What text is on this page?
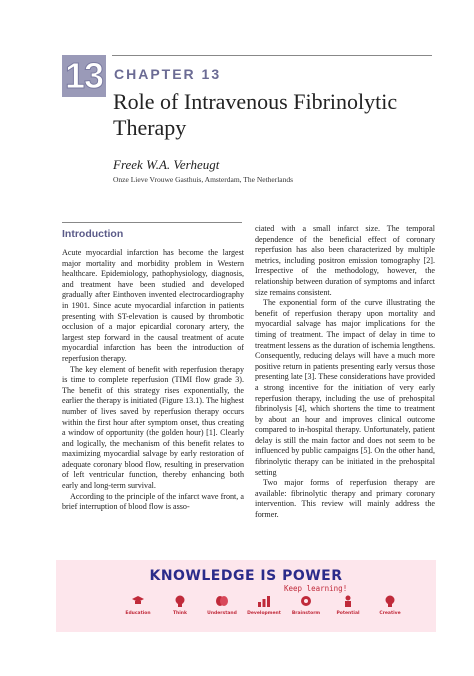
13 CHAPTER 13
Role of Intravenous Fibrinolytic Therapy
Freek W.A. Verheugt
Onze Lieve Vrouwe Gasthuis, Amsterdam, The Netherlands
Introduction

Acute myocardial infarction has become the largest major mortality and morbidity problem in Western healthcare. Epidemiology, pathophysiology, diagnosis, and treatment have been studied and developed gradually after Einthoven invented electrocardiography in 1901. Since acute myocardial infarction in patients presenting with ST-elevation is caused by thrombotic occlusion of a major epicardial coronary artery, the largest step forward in the causal treatment of acute myocardial infarction has been the introduction of reperfusion therapy.

The key element of benefit with reperfusion therapy is time to complete reperfusion (TIMI flow grade 3). The benefit of this strategy rises exponentially, the earlier the therapy is initiated (Figure 13.1). The highest number of lives saved by reperfusion therapy occurs within the first hour after symptom onset, thus creating a window of opportunity (the golden hour) [1]. Clearly and logically, the mechanism of this benefit relates to maximizing myocardial salvage by early restoration of adequate coronary blood flow, resulting in preservation of left ventricular function, thereby enhancing both early and long-term survival.

According to the principle of the infarct wave front, a brief interruption of blood flow is asso-

ciated with a small infarct size. The temporal dependence of the beneficial effect of coronary reperfusion has also been characterized by multiple metrics, including positron emission tomography [2]. Irrespective of the methodology, however, the relationship between duration of symptoms and infarct size remains consistent.

The exponential form of the curve illustrating the benefit of reperfusion therapy upon mortality and myocardial salvage has major implications for the timing of treatment. The impact of delay in time to treatment lessens as the duration of ischemia lengthens. Consequently, reducing delays will have a much more positive return in patients presenting early versus those presenting late [3]. These considerations have provided a strong incentive for the initiation of very early reperfusion therapy, including the use of prehospital fibrinolysis [4], which shortens the time to treatment by about an hour and improves clinical outcome compared to in-hospital therapy. Unfortunately, patient delay is still the main factor and does not seem to be influenced by public campaigns [5]. On the other hand, fibrinolytic therapy can be initiated in the prehospital setting

Two major forms of reperfusion therapy are available: fibrinolytic therapy and primary coronary intervention. This review will mainly address the former.

KNOWLEDGE IS POWER
Keep learning!
Education	Think	Understand	Development	Brainstorm	Potential	Creative
